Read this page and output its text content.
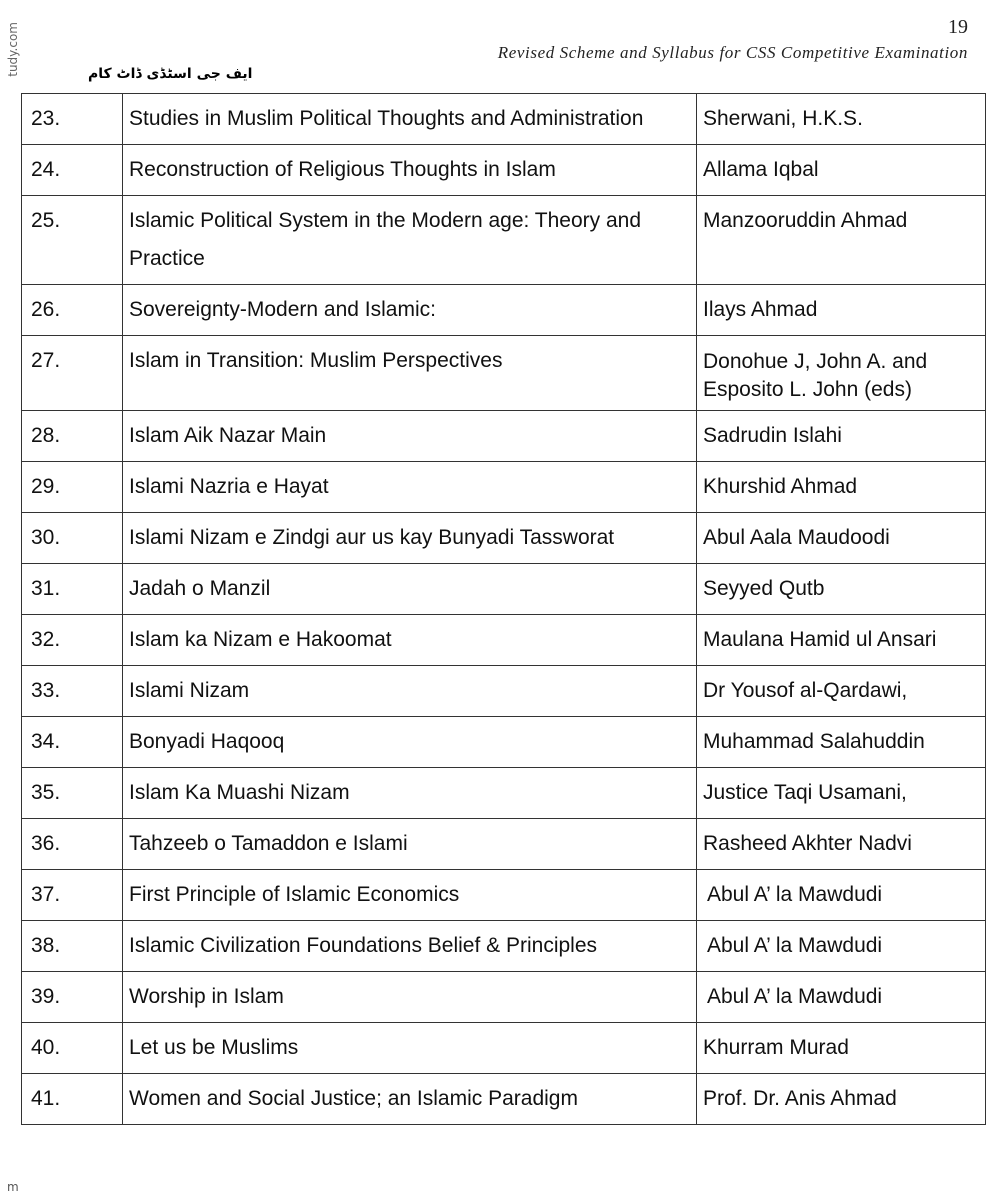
19
Revised Scheme and Syllabus for CSS Competitive Examination
ایف جی اسٹڈی ڈاٹ کام
tudy.com
m
23.	Studies in Muslim Political Thoughts and Administration	Sherwani, H.K.S.
24.	Reconstruction of Religious Thoughts in Islam	Allama Iqbal
25.	Islamic Political System in the Modern age: Theory and Practice	Manzooruddin Ahmad
26.	Sovereignty-Modern and Islamic:	Ilays Ahmad
27.	Islam in Transition: Muslim Perspectives	Donohue J, John A. and Esposito L. John (eds)
28.	Islam Aik Nazar Main	Sadrudin Islahi
29.	Islami Nazria e Hayat	Khurshid Ahmad
30.	Islami Nizam e Zindgi aur us kay Bunyadi Tassworat	Abul Aala Maudoodi
31.	Jadah o Manzil	Seyyed Qutb
32.	Islam ka Nizam e Hakoomat	Maulana Hamid ul Ansari
33.	Islami Nizam	Dr Yousof al-Qardawi,
34.	Bonyadi Haqooq	Muhammad Salahuddin
35.	Islam Ka Muashi Nizam	Justice Taqi Usamani,
36.	Tahzeeb o Tamaddon e Islami	Rasheed Akhter Nadvi
37.	First Principle of Islamic Economics	Abul A’ la Mawdudi
38.	Islamic Civilization Foundations Belief & Principles	Abul A’ la Mawdudi
39.	Worship in Islam	Abul A’ la Mawdudi
40.	Let us be Muslims	Khurram Murad
41.	Women and Social Justice; an Islamic Paradigm	Prof. Dr. Anis Ahmad
